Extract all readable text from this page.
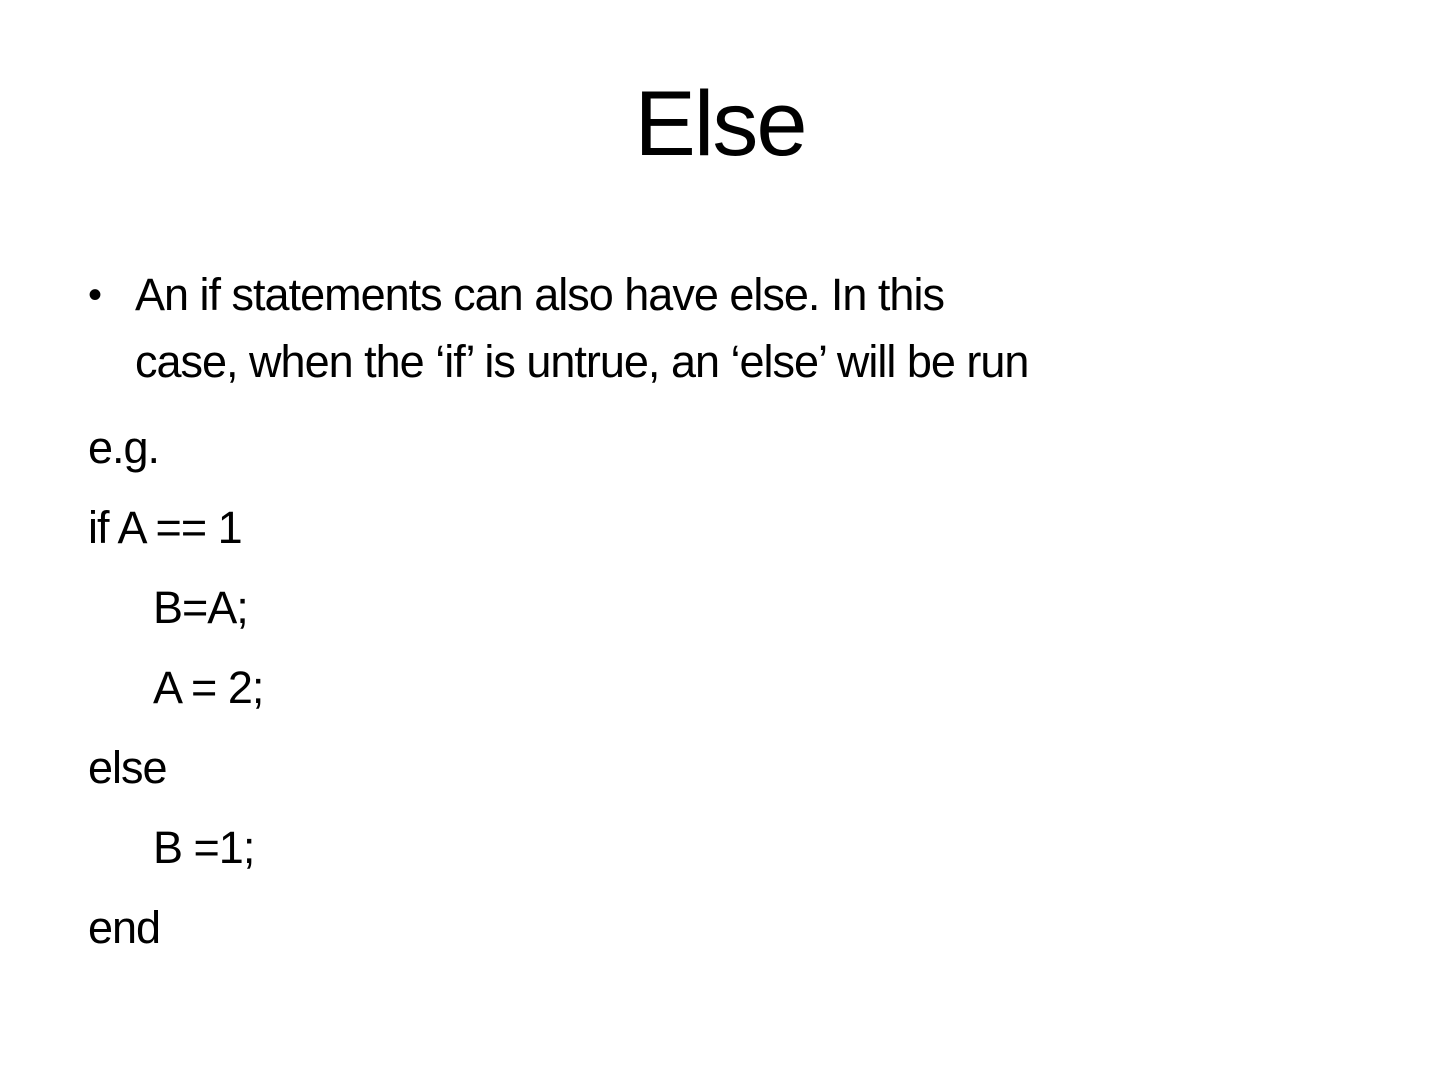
Else
• An if statements can also have else. In this
case, when the ‘if’ is untrue, an ‘else’ will be run
e.g.
if A == 1
B=A;
A = 2;
else
B =1;
end
